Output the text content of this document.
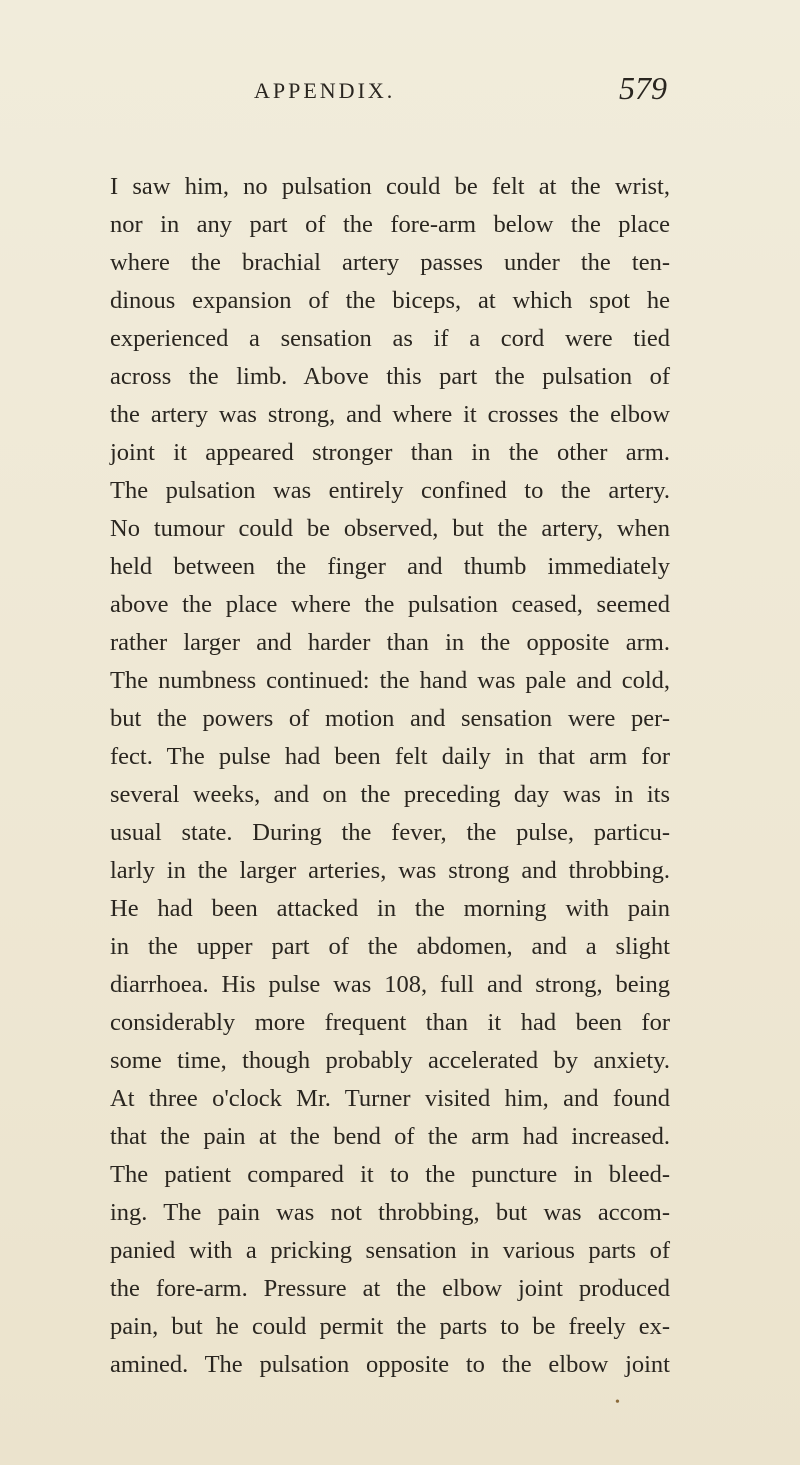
APPENDIX.	579
I saw him, no pulsation could be felt at the wrist,
nor in any part of the fore-arm below the place
where the brachial artery passes under the ten-
dinous expansion of the biceps, at which spot he
experienced a sensation as if a cord were tied
across the limb. Above this part the pulsation of
the artery was strong, and where it crosses the elbow
joint it appeared stronger than in the other arm.
The pulsation was entirely confined to the artery.
No tumour could be observed, but the artery, when
held between the finger and thumb immediately
above the place where the pulsation ceased, seemed
rather larger and harder than in the opposite arm.
The numbness continued: the hand was pale and cold,
but the powers of motion and sensation were per-
fect. The pulse had been felt daily in that arm for
several weeks, and on the preceding day was in its
usual state. During the fever, the pulse, particu-
larly in the larger arteries, was strong and throbbing.
He had been attacked in the morning with pain
in the upper part of the abdomen, and a slight
diarrhoea. His pulse was 108, full and strong, being
considerably more frequent than it had been for
some time, though probably accelerated by anxiety.
At three o'clock Mr. Turner visited him, and found
that the pain at the bend of the arm had increased.
The patient compared it to the puncture in bleed-
ing. The pain was not throbbing, but was accom-
panied with a pricking sensation in various parts of
the fore-arm. Pressure at the elbow joint produced
pain, but he could permit the parts to be freely ex-
amined. The pulsation opposite to the elbow joint
•
